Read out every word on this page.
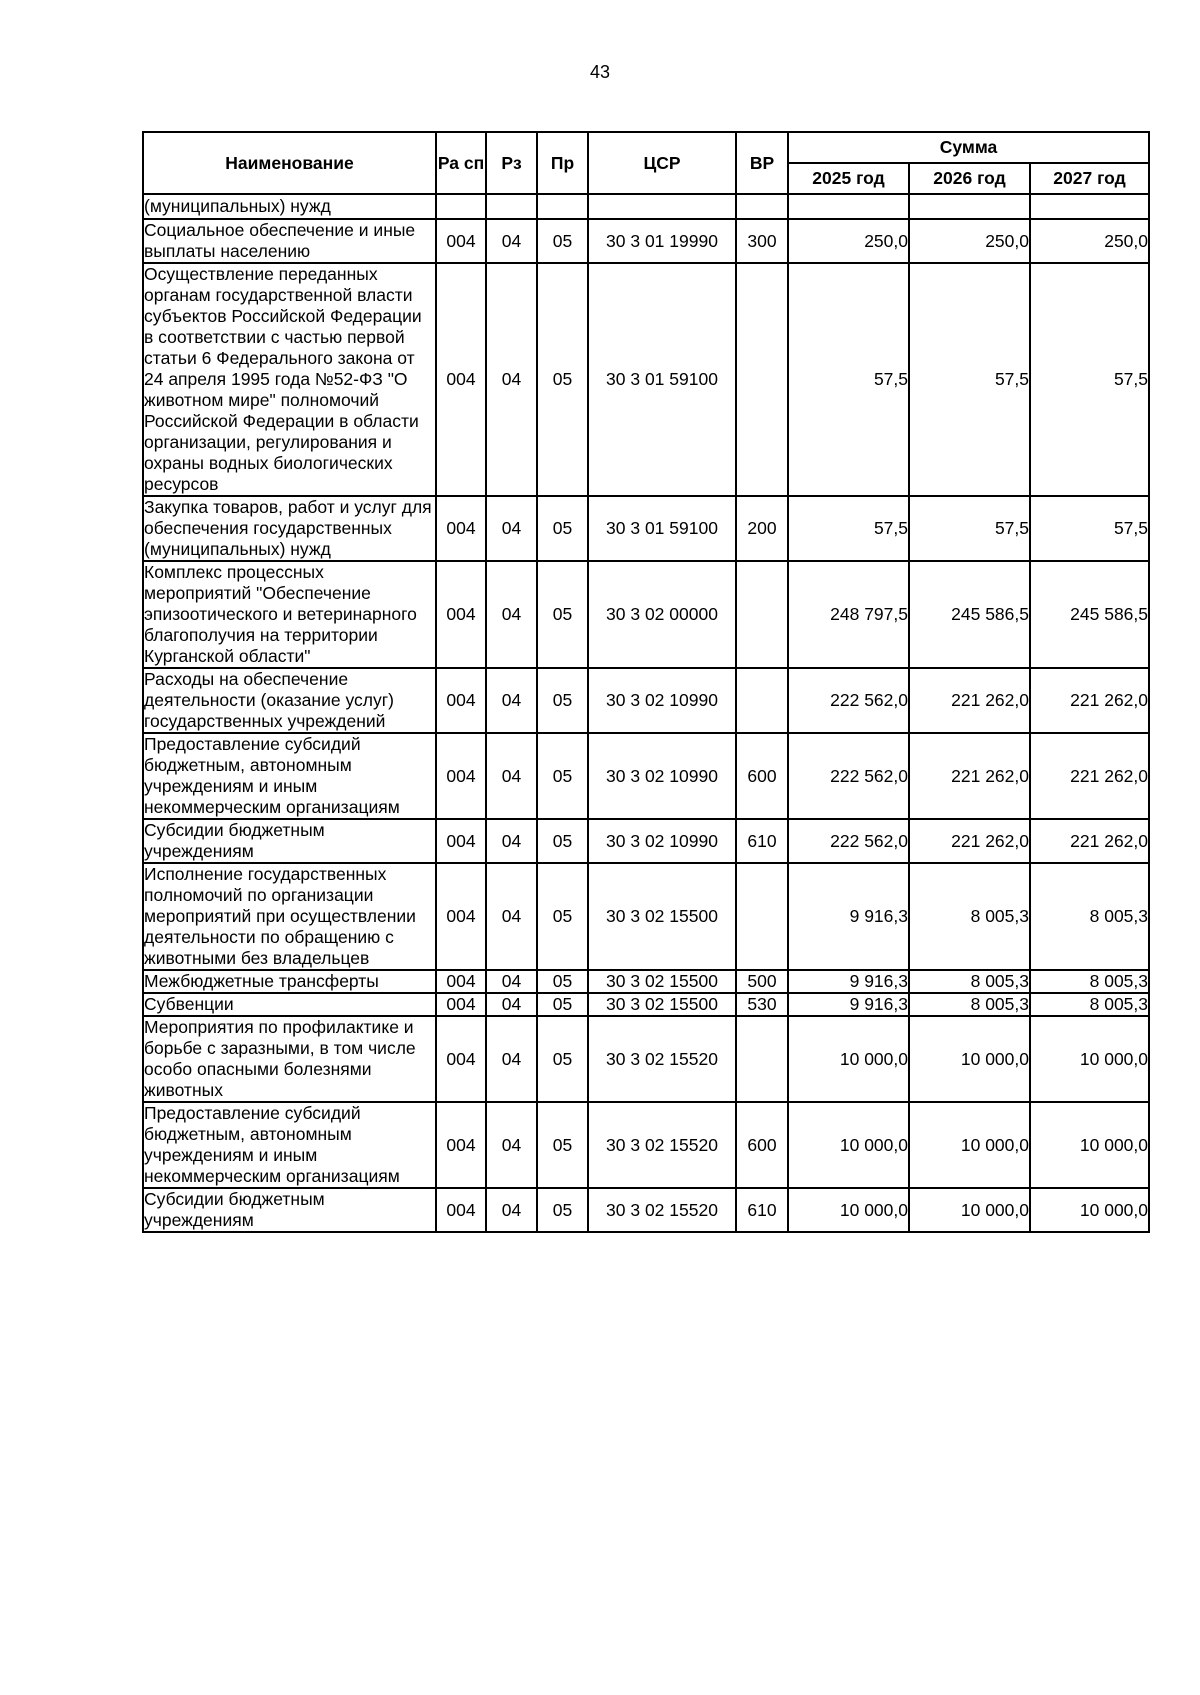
43
Наименование	Ра сп	Рз	Пр	ЦСР	ВР	Сумма		
						2025 год	2026 год	2027 год
(муниципальных) нужд								
Социальное обеспечение и иные выплаты населению	004	04	05	30 3 01 19990	300	250,0	250,0	250,0
Осуществление переданных органам государственной власти субъектов Российской Федерации в соответствии с частью первой статьи 6 Федерального закона от 24 апреля 1995 года №52-ФЗ "О животном мире" полномочий Российской Федерации в области организации, регулирования и охраны водных биологических ресурсов	004	04	05	30 3 01 59100		57,5	57,5	57,5
Закупка товаров, работ и услуг для обеспечения государственных (муниципальных) нужд	004	04	05	30 3 01 59100	200	57,5	57,5	57,5
Комплекс процессных мероприятий "Обеспечение эпизоотического и ветеринарного благополучия на территории Курганской области"	004	04	05	30 3 02 00000		248 797,5	245 586,5	245 586,5
Расходы на обеспечение деятельности (оказание услуг) государственных учреждений	004	04	05	30 3 02 10990		222 562,0	221 262,0	221 262,0
Предоставление субсидий бюджетным, автономным учреждениям и иным некоммерческим организациям	004	04	05	30 3 02 10990	600	222 562,0	221 262,0	221 262,0
Субсидии бюджетным учреждениям	004	04	05	30 3 02 10990	610	222 562,0	221 262,0	221 262,0
Исполнение государственных полномочий по организации мероприятий при осуществлении деятельности по обращению с животными без владельцев	004	04	05	30 3 02 15500		9 916,3	8 005,3	8 005,3
Межбюджетные трансферты	004	04	05	30 3 02 15500	500	9 916,3	8 005,3	8 005,3
Субвенции	004	04	05	30 3 02 15500	530	9 916,3	8 005,3	8 005,3
Мероприятия по профилактике и борьбе с заразными, в том числе особо опасными болезнями животных	004	04	05	30 3 02 15520		10 000,0	10 000,0	10 000,0
Предоставление субсидий бюджетным, автономным учреждениям и иным некоммерческим организациям	004	04	05	30 3 02 15520	600	10 000,0	10 000,0	10 000,0
Субсидии бюджетным учреждениям	004	04	05	30 3 02 15520	610	10 000,0	10 000,0	10 000,0
